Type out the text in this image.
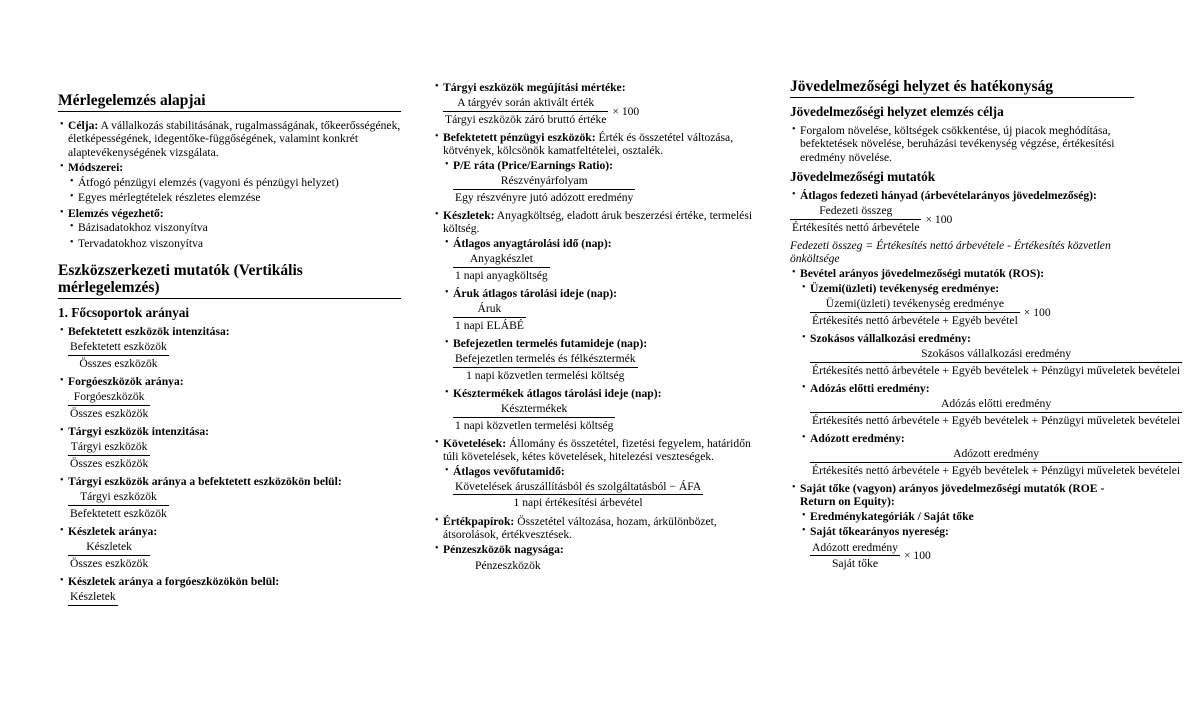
Mérlegelemzés alapjai
• Célja: A vállalkozás stabilitásának, rugalmasságának, tőkeerősségének, életképességének, idegentőke-függőségének, valamint konkrét alaptevékenységének vizsgálata.
• Módszerei:
• Átfogó pénzügyi elemzés (vagyoni és pénzügyi helyzet)
• Egyes mérlegtételek részletes elemzése
• Elemzés végezhető:
• Bázisadatokhoz viszonyítva
• Tervadatokhoz viszonyítva
Eszközszerkezeti mutatók (Vertikális mérlegelemzés)
1. Főcsoportok arányai
• Befektetett eszközök intenzitása:
$\frac{\text{Befektetett eszközök}}{\text{Összes eszközök}}$
• Forgóeszközök aránya:
$\frac{\text{Forgóeszközök}}{\text{Összes eszközök}}$
• Tárgyi eszközök intenzitása:
$\frac{\text{Tárgyi eszközök}}{\text{Összes eszközök}}$
• Tárgyi eszközök aránya a befektetett eszközökön belül:
$\frac{\text{Tárgyi eszközök}}{\text{Befektetett eszközök}}$
• Készletek aránya:
$\frac{\text{Készletek}}{\text{Összes eszközök}}$
• Készletek aránya a forgóeszközökön belül:
Készletek
• • Tárgyi eszközök megújítási mértéke:
$\frac{\text{A tárgyév során aktivált érték}}{\text{Tárgyi eszközök záró bruttó értéke}} \times 100$
• Befektetett pénzügyi eszközök: Érték és összetétel változása, kötvények, kölcsönök kamatfeltételei, osztalék.
• P/E ráta (Price/Earnings Ratio):
$\frac{\text{Részvényárfolyam}}{\text{Egy részvényre jutó adózott eredmény}}$
• Készletek: Anyagköltség, eladott áruk beszerzési értéke, termelési költség.
• Átlagos anyagtárolási idő (nap):
$\frac{\text{Anyagkészlet}}{\text{1 napi anyagköltség}}$
• Áruk átlagos tárolási ideje (nap):
$\frac{\text{Áruk}}{\text{1 napi ELÁBÉ}}$
• Befejezetlen termelés futamideje (nap):
$\frac{\text{Befejezetlen termelés és félkésztermék}}{\text{1 napi közvetlen termelési költség}}$
• Késztermékek átlagos tárolási ideje (nap):
$\frac{\text{Késztermékek}}{\text{1 napi közvetlen termelési költség}}$
• Követelések: Állomány és összetétel, fizetési fegyelem, határidőn túli követelések, kétes követelések, hitelezési veszteségek.
• Átlagos vevőfutamidő:
$\frac{\text{Követelések áruszállításból és szolgáltatásból − ÁFA}}{\text{1 napi értékesítési árbevétel}}$
• Értékpapírok: Összetétel változása, hozam, árkülönbözet, átsorolások, értékvesztések.
• Pénzeszközök nagysága:
Pénzeszközök
Jövedelmezőségi helyzet és hatékonyság
Jövedelmezőségi helyzet elemzés célja
• Forgalom növelése, költségek csökkentése, új piacok meghódítása, befektetések növelése, beruházási tevékenység végzése, értékesítési eredmény növelése.
Jövedelmezőségi mutatók
• Átlagos fedezeti hányad (árbevételarányos jövedelmezőség):
$\frac{\text{Fedezeti összeg}}{\text{Értékesítés nettó árbevétele}} \times 100$
Fedezeti összeg = Értékesítés nettó árbevétele - Értékesítés közvetlen önköltsége
• Bevétel arányos jövedelmezőségi mutatók (ROS):
• Üzemi(üzleti) tevékenység eredménye:
$\frac{\text{Üzemi(üzleti) tevékenység eredménye}}{\text{Értékesítés nettó árbevétele + Egyéb bevétel}} \times 100$
• Szokásos vállalkozási eredmény:
Szokásos vállalkozási eredmény
Értékesítés nettó árbevétele + Egyéb bevételek + Pénzügyi műveletek bevételei
• Adózás előtti eredmény:
Adózás előtti eredmény
Értékesítés nettó árbevétele + Egyéb bevételek + Pénzügyi műveletek bevételei
• Adózott eredmény:
Adózott eredmény
Értékesítés nettó árbevétele + Egyéb bevételek + Pénzügyi műveletek bevételei
• Saját tőke (vagyon) arányos jövedelmezőségi mutatók (ROE - Return on Equity):
• Eredménykategóriák / Saját tőke
• Saját tőkearányos nyereség:
$\frac{\text{Adózott eredmény}}{\text{Saját tőke}} \times 100$
